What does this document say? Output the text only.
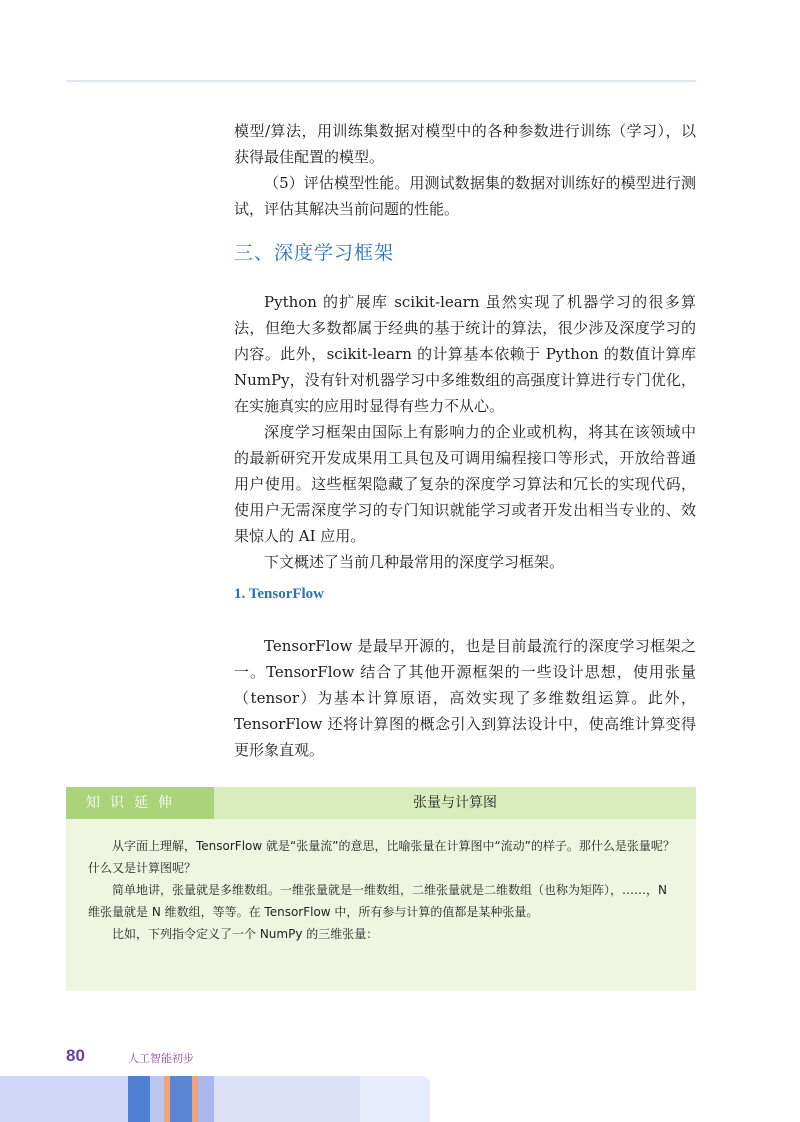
模型/算法，用训练集数据对模型中的各种参数进行训练（学习），以获得最佳配置的模型。

（5）评估模型性能。用测试数据集的数据对训练好的模型进行测试，评估其解决当前问题的性能。

三、深度学习框架

Python 的扩展库 scikit-learn 虽然实现了机器学习的很多算法，但绝大多数都属于经典的基于统计的算法，很少涉及深度学习的内容。此外，scikit-learn 的计算基本依赖于 Python 的数值计算库 NumPy，没有针对机器学习中多维数组的高强度计算进行专门优化，在实施真实的应用时显得有些力不从心。

深度学习框架由国际上有影响力的企业或机构，将其在该领域中的最新研究开发成果用工具包及可调用编程接口等形式，开放给普通用户使用。这些框架隐藏了复杂的深度学习算法和冗长的实现代码，使用户无需深度学习的专门知识就能学习或者开发出相当专业的、效果惊人的 AI 应用。

下文概述了当前几种最常用的深度学习框架。

1. TensorFlow

TensorFlow 是最早开源的，也是目前最流行的深度学习框架之一。TensorFlow 结合了其他开源框架的一些设计思想，使用张量（tensor）为基本计算原语，高效实现了多维数组运算。此外，TensorFlow 还将计算图的概念引入到算法设计中，使高维计算变得更形象直观。

知识延伸	张量与计算图

从字面上理解，TensorFlow 就是“张量流”的意思，比喻张量在计算图中“流动”的样子。那什么是张量呢？什么又是计算图呢？

简单地讲，张量就是多维数组。一维张量就是一维数组，二维张量就是二维数组（也称为矩阵），……，N 维张量就是 N 维数组，等等。在 TensorFlow 中，所有参与计算的值都是某种张量。

比如，下列指令定义了一个 NumPy 的三维张量：

80	人工智能初步
